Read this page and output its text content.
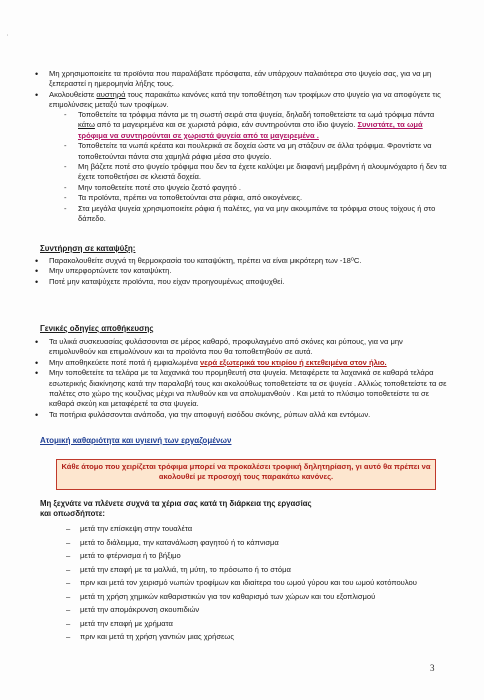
ʻ
• Μη χρησιμοποιείτε τα προϊόντα που παραλάβατε πρόσφατα, εάν υπάρχουν παλαιότερα στο ψυγείο σας, για να μη ξεπεραστεί η ημερομηνία λήξης τους.
• Ακολουθείστε αυστηρά τους παρακάτω κανόνες κατά την τοποθέτηση των τροφίμων στο ψυγείο για να αποφύγετε τις επιμολύνσεις μεταξύ των τροφίμων.
- Τοποθετείτε τα τρόφιμα πάντα με τη σωστή σειρά στα ψυγεία, δηλαδή τοποθετείστε τα ωμά τρόφιμα πάντα κάτω από τα μαγειρεμένα και σε χωριστά ράφια, εάν συντηρούνται στο ίδιο ψυγείο. Συνιστάτε, τα ωμά τρόφιμα να συντηρούνται σε χωριστά ψυγεία από τα μαγειρεμένα .
- Τοποθετείτε τα νωπά κρέατα και πουλερικά σε δοχεία ώστε να μη στάζουν σε άλλα τρόφιμα. Φροντίστε να τοποθετούνται πάντα στα χαμηλά ράφια μέσα στο ψυγείο.
- Μη βάζετε ποτέ στο ψυγείο τρόφιμα που δεν τα έχετε καλύψει με διαφανή μεμβράνη ή αλουμινόχαρτο ή δεν τα έχετε τοποθετήσει σε κλειστά δοχεία.
- Μην τοποθετείτε ποτέ στο ψυγείο ζεστό φαγητό .
- Τα προϊόντα, πρέπει να τοποθετούνται στα ράφια, από οικογένειες.
- Στα μεγάλα ψυγεία χρησιμοποιείτε ράφια ή παλέτες, για να μην ακουμπάνε τα τρόφιμα στους τοίχους ή στο δάπεδο.
Συντήρηση σε καταψύξη:
• Παρακολουθείτε συχνά τη θερμοκρασία του καταψύκτη, πρέπει να είναι μικρότερη των -18⁰C.
• Μην υπερφορτώνετε τον καταψύκτη.
• Ποτέ μην καταψύχετε προϊόντα, που είχαν προηγουμένως αποψυχθεί.
Γενικές οδηγίες αποθήκευσης
• Τα υλικά συσκευασίας φυλάσσονται σε μέρος καθαρό, προφυλαγμένο από σκόνες και ρύπους, για να μην επιμολυνθούν και επιμολύνουν και τα προϊόντα που θα τοποθετηθούν σε αυτά.
• Μην αποθηκεύετε ποτέ ποτά ή εμφιαλωμένα νερά εξωτερικά του κτιρίου ή εκτεθειμένα στον ήλιο.
• Μην τοποθετείτε τα τελάρα με τα λαχανικά του προμηθευτή στα ψυγεία. Μεταφέρετε τα λαχανικά σε καθαρά τελάρα εσωτερικής διακίνησης κατά την παραλαβή τους και ακολούθως τοποθετείστε τα σε ψυγεία . Αλλιώς τοποθετείστε τα σε παλέτες στο χώρο της κουζίνας μέχρι να πλυθούν και να απολυμανθούν . Και μετά το πλύσιμο τοποθετείστε τα σε καθαρά σκεύη και μεταφέρετέ τα στα ψυγεία.
• Τα ποτήρια φυλάσσονται ανάποδα, για την αποφυγή εισόδου σκόνης, ρύπων αλλά και εντόμων.
Ατομική καθαριότητα και υγιεινή των εργαζομένων
Κάθε άτομο που χειρίζεται τρόφιμα μπορεί να προκαλέσει τροφική δηλητηρίαση, γι αυτό θα πρέπει να
ακολουθεί με προσοχή τους παρακάτω κανόνες.
Μη ξεχνάτε να πλένετε συχνά τα χέρια σας κατά τη διάρκεια της εργασίας
και οπωσδήποτε:
– μετά την επίσκεψη στην τουαλέτα
– μετά το διάλειμμα, την κατανάλωση φαγητού ή το κάπνισμα
– μετά το φτέρνισμα ή το βήξιμο
– μετά την επαφή με τα μαλλιά, τη μύτη, το πρόσωπο ή το στόμα
– πριν και μετά τον χειρισμό νωπών τροφίμων και ιδιαίτερα του ωμού γύρου και του ωμού κοτόπουλου
– μετά τη χρήση χημικών καθαριστικών για τον καθαρισμό των χώρων και του εξοπλισμού
– μετά την απομάκρυνση σκουπιδιών
– μετά την επαφή με χρήματα
– πριν και μετά τη χρήση γαντιών μιας χρήσεως
3
